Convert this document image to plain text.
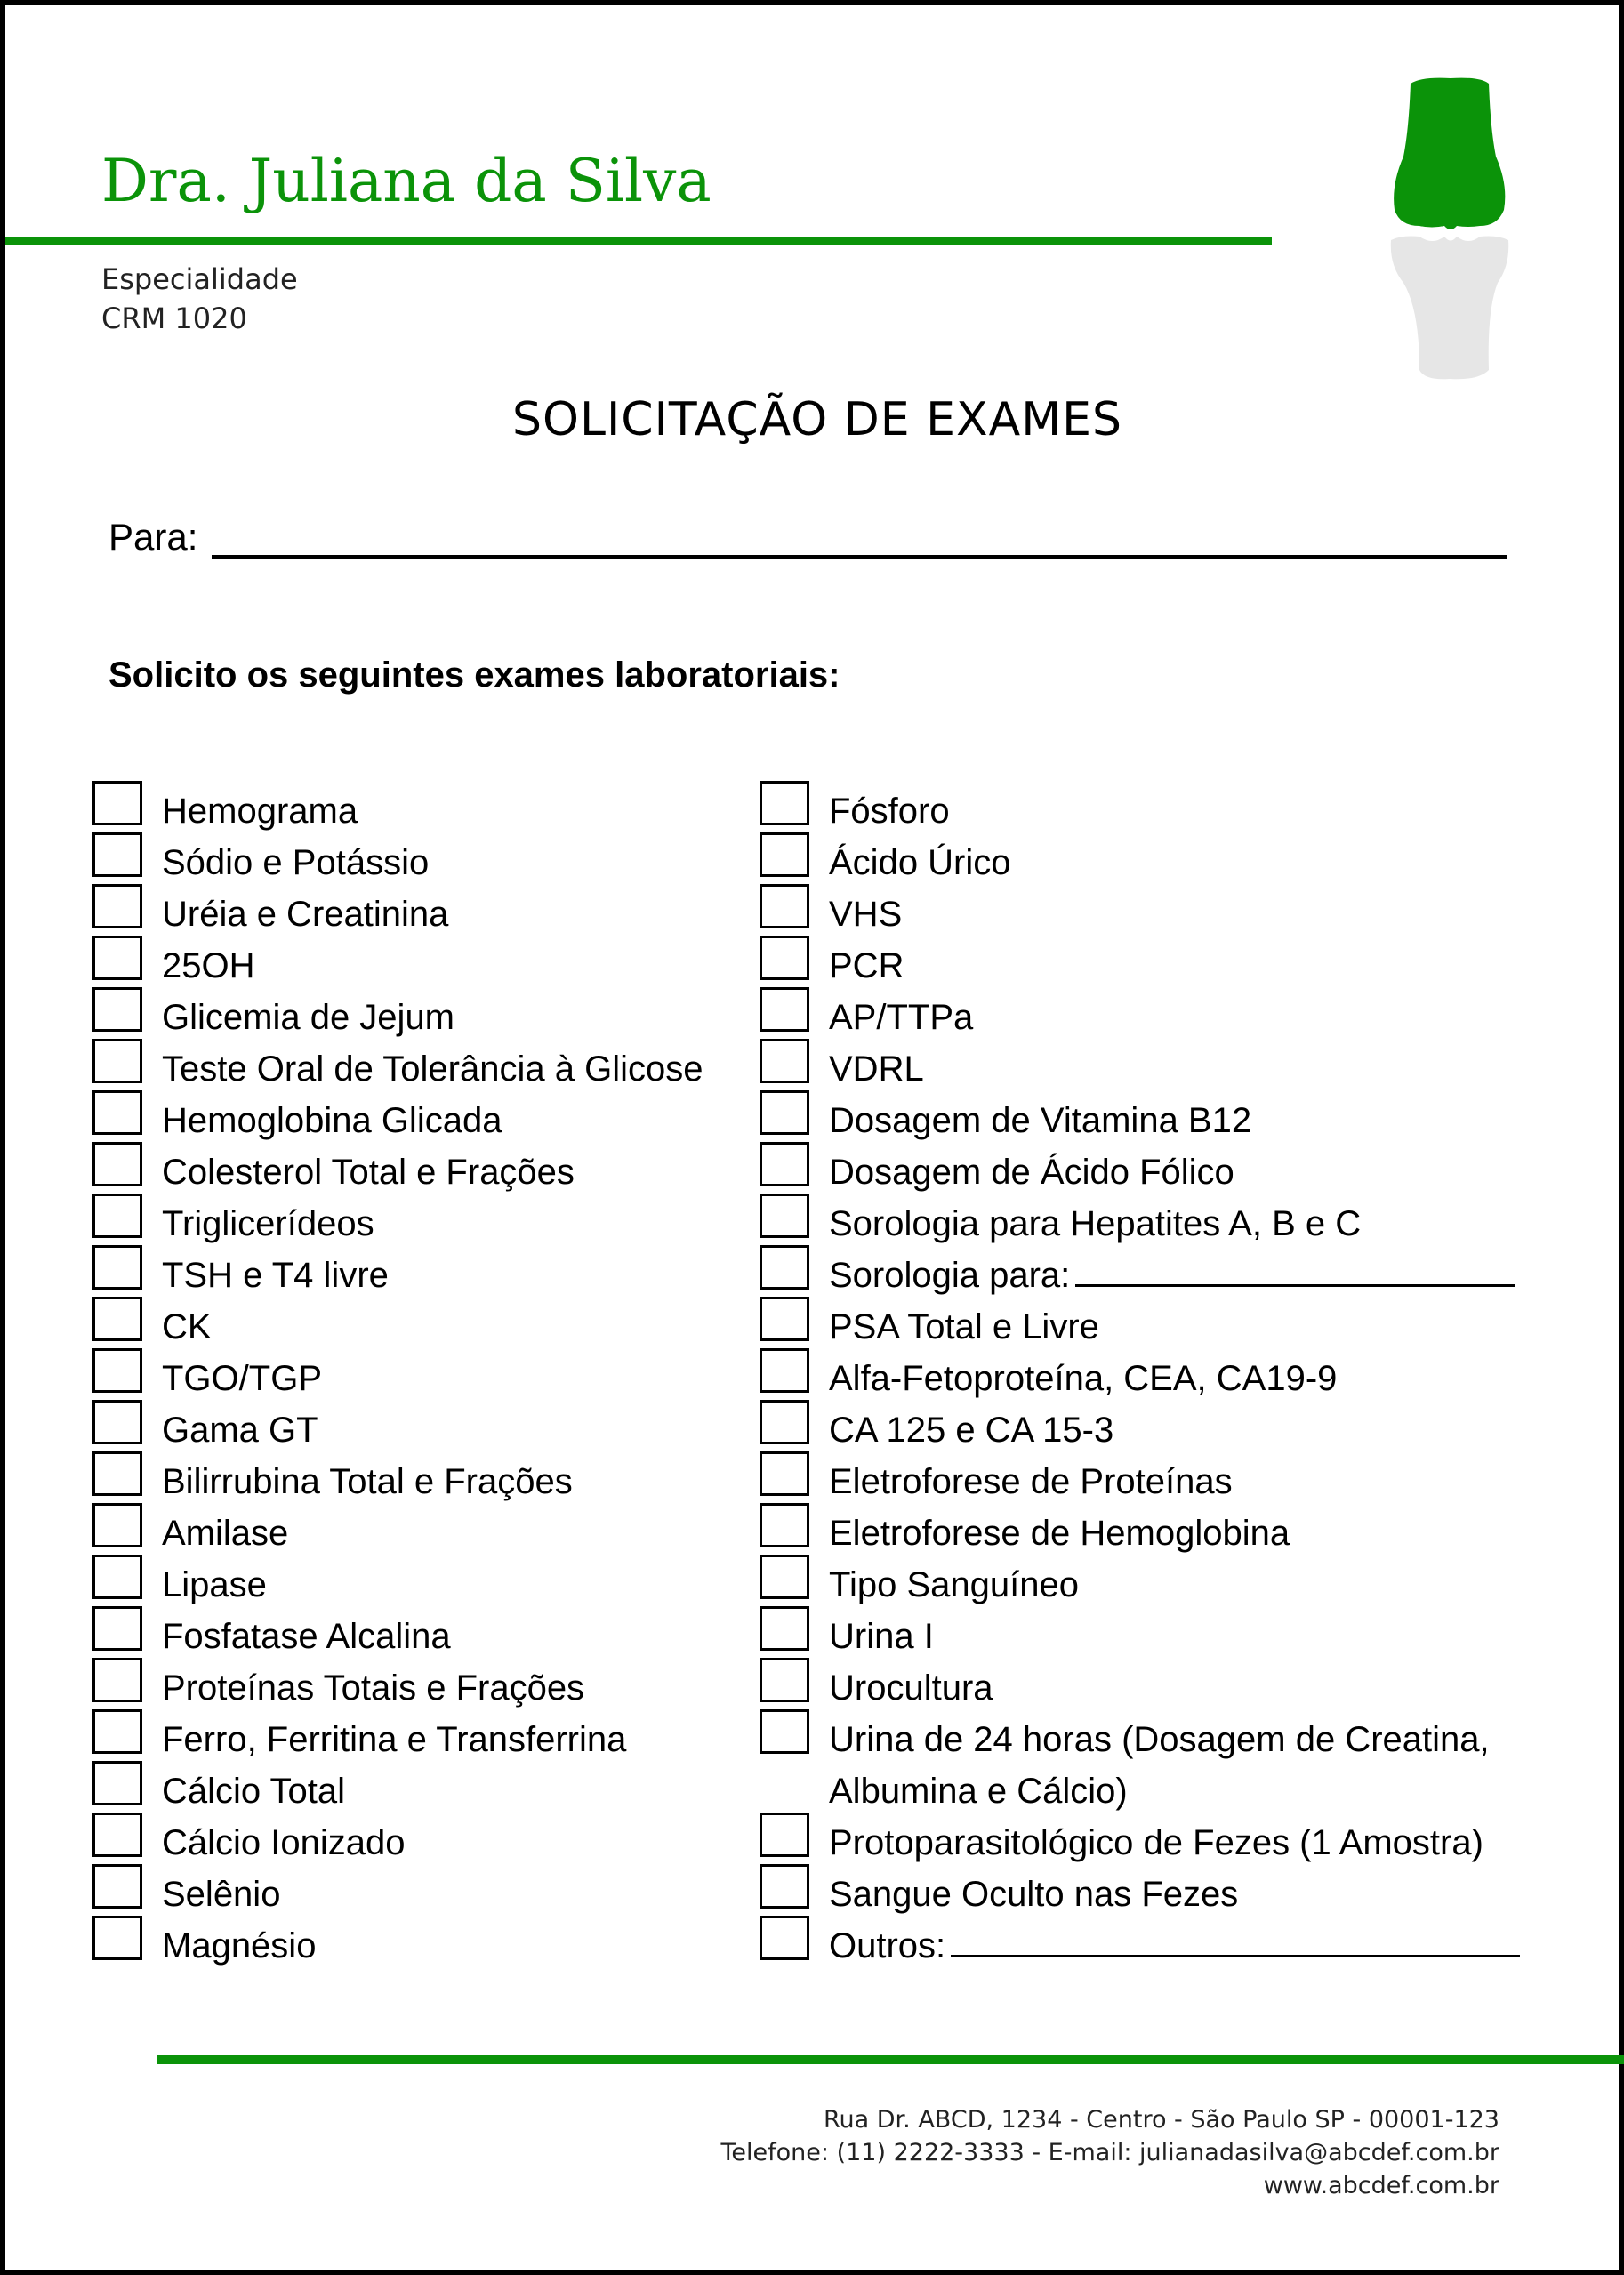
Dra. Juliana da Silva
Especialidade
CRM 1020
SOLICITAÇÃO DE EXAMES
Para:
Solicito os seguintes exames laboratoriais:
Hemograma
Sódio e Potássio
Uréia e Creatinina
25OH
Glicemia de Jejum
Teste Oral de Tolerância à Glicose
Hemoglobina Glicada
Colesterol Total e Frações
Triglicerídeos
TSH e T4 livre
CK
TGO/TGP
Gama GT
Bilirrubina Total e Frações
Amilase
Lipase
Fosfatase Alcalina
Proteínas Totais e Frações
Ferro, Ferritina e Transferrina
Cálcio Total
Cálcio Ionizado
Selênio
Magnésio
Fósforo
Ácido Úrico
VHS
PCR
AP/TTPa
VDRL
Dosagem de Vitamina B12
Dosagem de Ácido Fólico
Sorologia para Hepatites A, B e C
Sorologia para:
PSA Total e Livre
Alfa-Fetoproteína, CEA, CA19-9
CA 125 e CA 15-3
Eletroforese de Proteínas
Eletroforese de Hemoglobina
Tipo Sanguíneo
Urina I
Urocultura
Urina de 24 horas (Dosagem de Creatina,
Albumina e Cálcio)
Protoparasitológico de Fezes (1 Amostra)
Sangue Oculto nas Fezes
Outros:
Rua Dr. ABCD, 1234 - Centro - São Paulo SP - 00001-123
Telefone: (11) 2222-3333 - E-mail: julianadasilva@abcdef.com.br
www.abcdef.com.br
